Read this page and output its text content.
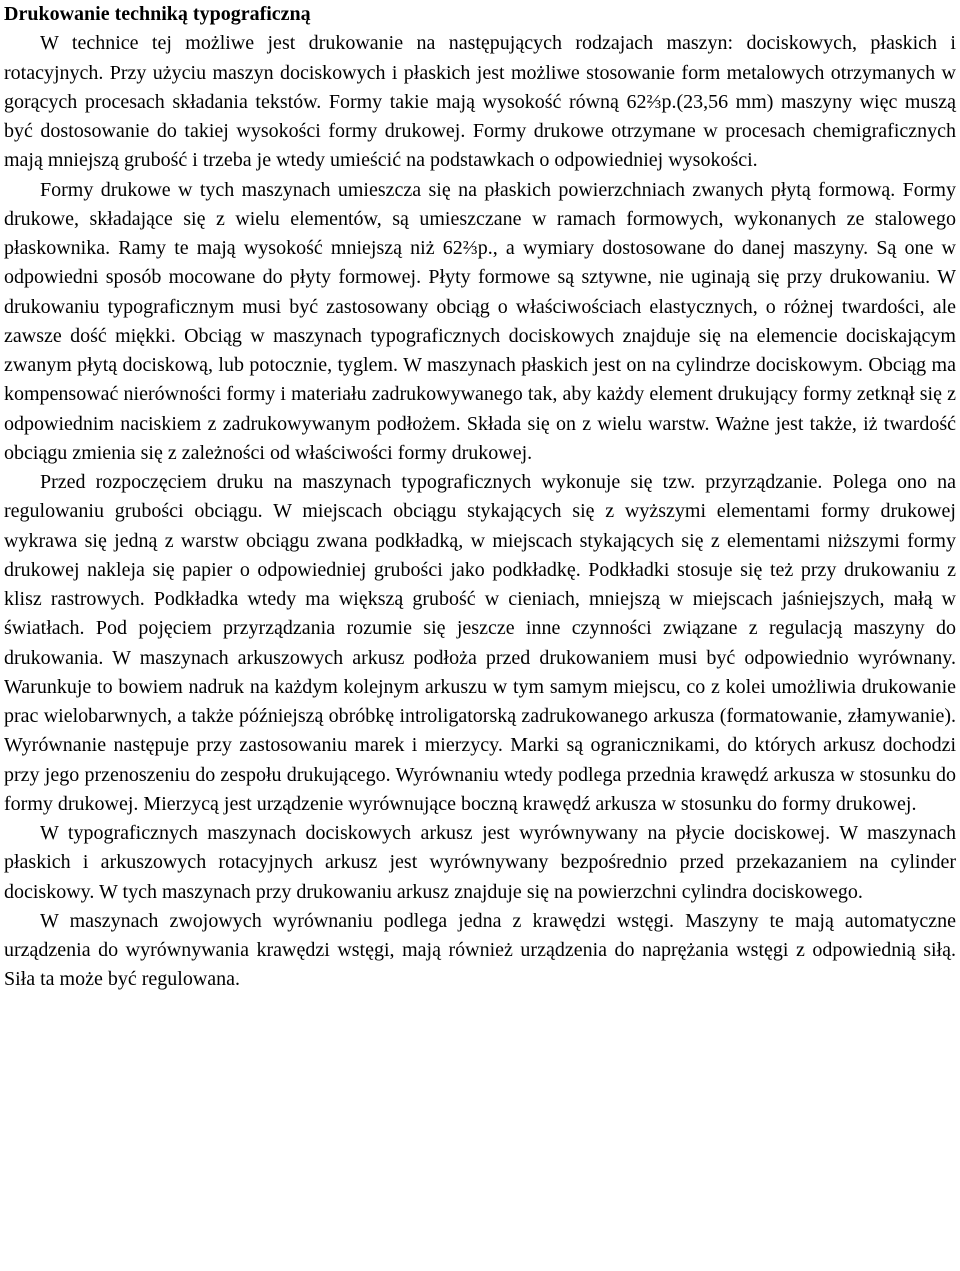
Drukowanie techniką typograficzną

W technice tej możliwe jest drukowanie na następujących rodzajach maszyn: dociskowych, płaskich i rotacyjnych. Przy użyciu maszyn dociskowych i płaskich jest możliwe stosowanie form metalowych otrzymanych w gorących procesach składania tekstów. Formy takie mają wysokość równą 62⅔p.(23,56 mm) maszyny więc muszą być dostosowanie do takiej wysokości formy drukowej. Formy drukowe otrzymane w procesach chemigraficznych mają mniejszą grubość i trzeba je wtedy umieścić na podstawkach o odpowiedniej wysokości.

Formy drukowe w tych maszynach umieszcza się na płaskich powierzchniach zwanych płytą formową. Formy drukowe, składające się z wielu elementów, są umieszczane w ramach formowych, wykonanych ze stalowego płaskownika. Ramy te mają wysokość mniejszą niż 62⅔p., a wymiary dostosowane do danej maszyny. Są one w odpowiedni sposób mocowane do płyty formowej. Płyty formowe są sztywne, nie uginają się przy drukowaniu. W drukowaniu typograficznym musi być zastosowany obciąg o właściwościach elastycznych, o różnej twardości, ale zawsze dość miękki. Obciąg w maszynach typograficznych dociskowych znajduje się na elemencie dociskającym zwanym płytą dociskową, lub potocznie, tyglem. W maszynach płaskich jest on na cylindrze dociskowym. Obciąg ma kompensować nierówności formy i materiału zadrukowywanego tak, aby każdy element drukujący formy zetknął się z odpowiednim naciskiem z zadrukowywanym podłożem. Składa się on z wielu warstw. Ważne jest także, iż twardość obciągu zmienia się z zależności od właściwości formy drukowej.

Przed rozpoczęciem druku na maszynach typograficznych wykonuje się tzw. przyrządzanie. Polega ono na regulowaniu grubości obciągu. W miejscach obciągu stykających się z wyższymi elementami formy drukowej wykrawa się jedną z warstw obciągu zwana podkładką, w miejscach stykających się z elementami niższymi formy drukowej nakleja się papier o odpowiedniej grubości jako podkładkę. Podkładki stosuje się też przy drukowaniu z klisz rastrowych. Podkładka wtedy ma większą grubość w cieniach, mniejszą w miejscach jaśniejszych, małą w światłach. Pod pojęciem przyrządzania rozumie się jeszcze inne czynności związane z regulacją maszyny do drukowania. W maszynach arkuszowych arkusz podłoża przed drukowaniem musi być odpowiednio wyrównany. Warunkuje to bowiem nadruk na każdym kolejnym arkuszu w tym samym miejscu, co z kolei umożliwia drukowanie prac wielobarwnych, a także późniejszą obróbkę introligatorską zadrukowanego arkusza (formatowanie, złamywanie). Wyrównanie następuje przy zastosowaniu marek i mierzycy. Marki są ogranicznikami, do których arkusz dochodzi przy jego przenoszeniu do zespołu drukującego. Wyrównaniu wtedy podlega przednia krawędź arkusza w stosunku do formy drukowej. Mierzycą jest urządzenie wyrównujące boczną krawędź arkusza w stosunku do formy drukowej.

W typograficznych maszynach dociskowych arkusz jest wyrównywany na płycie dociskowej. W maszynach płaskich i arkuszowych rotacyjnych arkusz jest wyrównywany bezpośrednio przed przekazaniem na cylinder dociskowy. W tych maszynach przy drukowaniu arkusz znajduje się na powierzchni cylindra dociskowego.

W maszynach zwojowych wyrównaniu podlega jedna z krawędzi wstęgi. Maszyny te mają automatyczne urządzenia do wyrównywania krawędzi wstęgi, mają również urządzenia do naprężania wstęgi z odpowiednią siłą. Siła ta może być regulowana.
